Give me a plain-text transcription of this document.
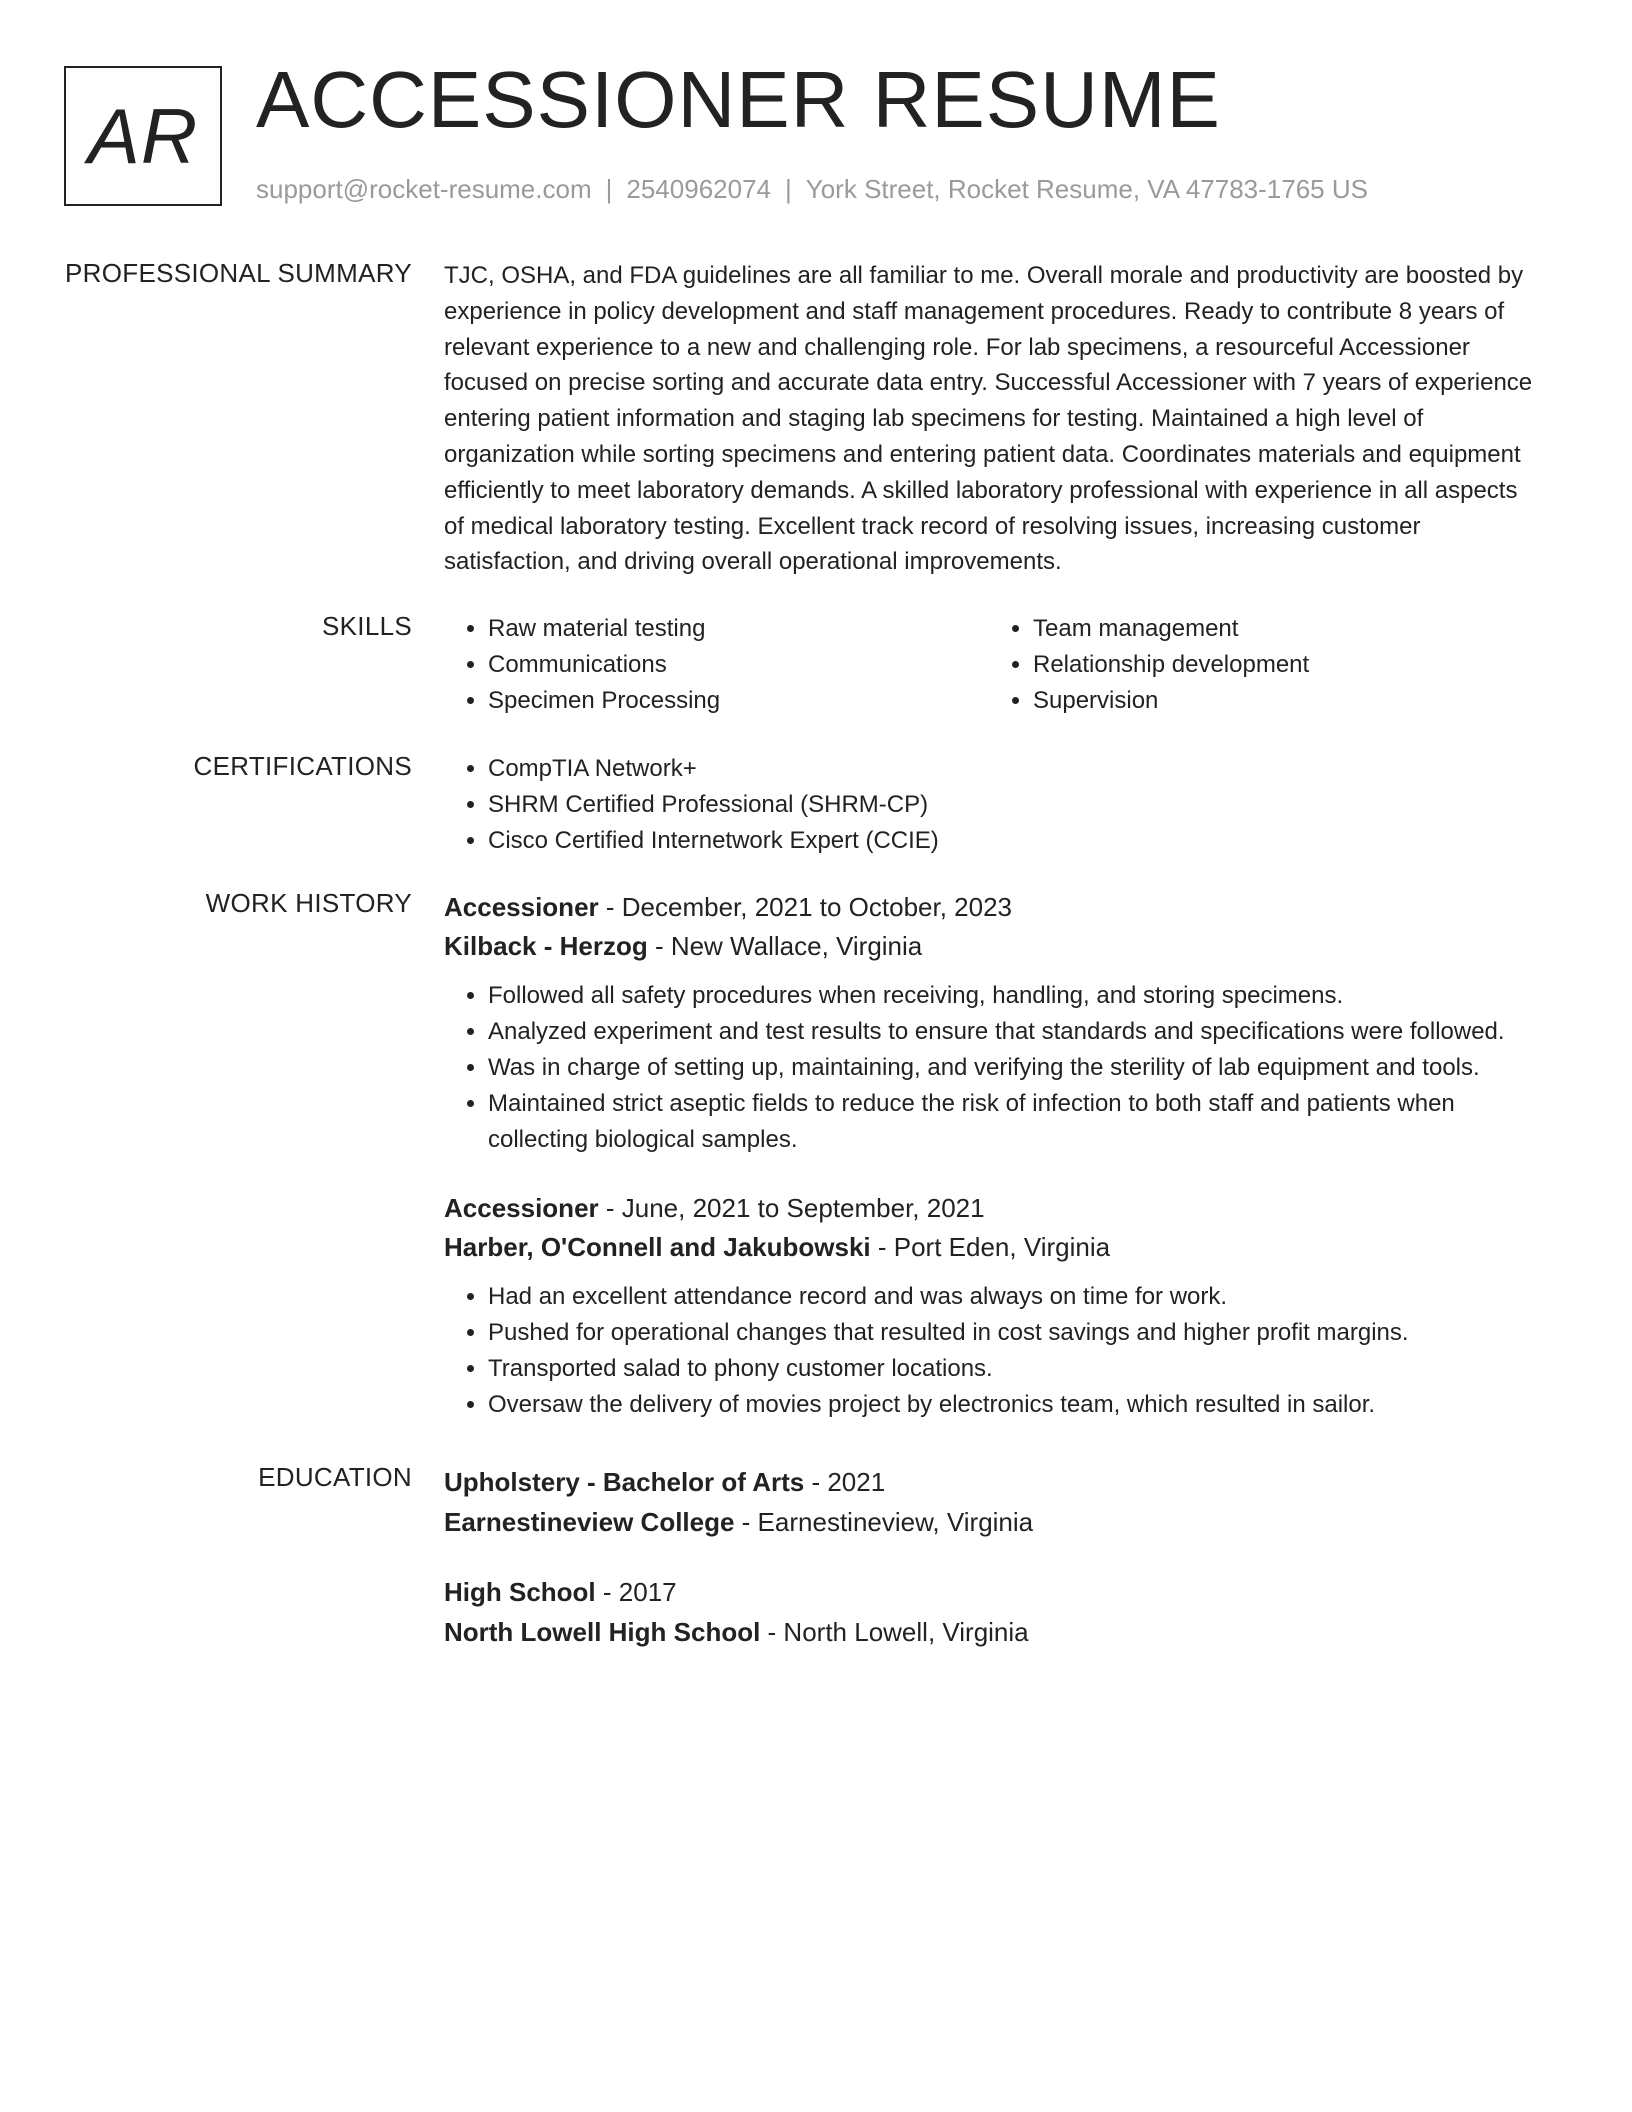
AR ACCESSIONER RESUME
support@rocket-resume.com | 2540962074 | York Street, Rocket Resume, VA 47783-1765 US
PROFESSIONAL SUMMARY TJC, OSHA, and FDA guidelines are all familiar to me. Overall morale and productivity are boosted by experience in policy development and staff management procedures. Ready to contribute 8 years of relevant experience to a new and challenging role. For lab specimens, a resourceful Accessioner focused on precise sorting and accurate data entry. Successful Accessioner with 7 years of experience entering patient information and staging lab specimens for testing. Maintained a high level of organization while sorting specimens and entering patient data. Coordinates materials and equipment efficiently to meet laboratory demands. A skilled laboratory professional with experience in all aspects of medical laboratory testing. Excellent track record of resolving issues, increasing customer satisfaction, and driving overall operational improvements.

SKILLS	• Raw material testing
• Communications
• Specimen Processing
• Team management
• Relationship development
• Supervision
CERTIFICATIONS	• CompTIA Network+
• SHRM Certified Professional (SHRM-CP)
• Cisco Certified Internetwork Expert (CCIE)
WORK HISTORY Accessioner - December, 2021 to October, 2023
Kilback - Herzog - New Wallace, Virginia
• Followed all safety procedures when receiving, handling, and storing specimens.
• Analyzed experiment and test results to ensure that standards and specifications were followed.
• Was in charge of setting up, maintaining, and verifying the sterility of lab equipment and tools.
• Maintained strict aseptic fields to reduce the risk of infection to both staff and patients when collecting biological samples.
Accessioner - June, 2021 to September, 2021
Harber, O'Connell and Jakubowski - Port Eden, Virginia
• Had an excellent attendance record and was always on time for work.
• Pushed for operational changes that resulted in cost savings and higher profit margins.
• Transported salad to phony customer locations.
• Oversaw the delivery of movies project by electronics team, which resulted in sailor.
EDUCATION Upholstery - Bachelor of Arts - 2021
Earnestineview College - Earnestineview, Virginia
High School - 2017
North Lowell High School - North Lowell, Virginia
